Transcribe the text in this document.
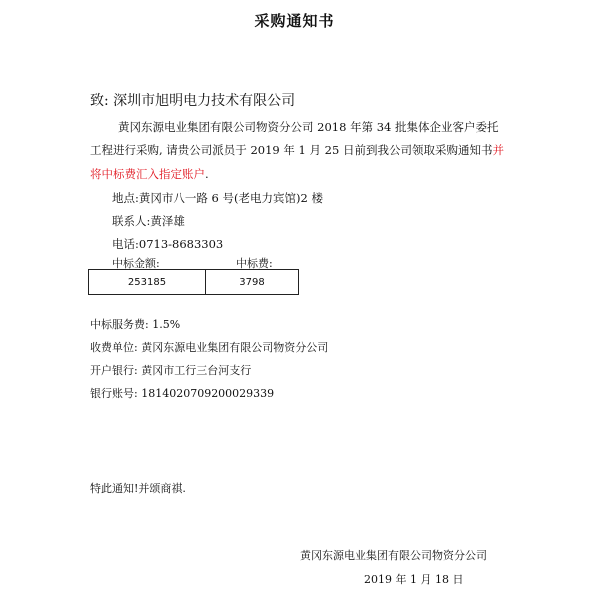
采购通知书
致: 深圳市旭明电力技术有限公司
黄冈东源电业集团有限公司物资分公司 2018 年第 34 批集体企业客户委托
工程进行采购, 请贵公司派员于 2019 年 1 月 25 日前到我公司领取采购通知书并
将中标费汇入指定账户.
地点:黄冈市八一路 6 号(老电力宾馆)2 楼
联系人:黄泽雄
电话:0713-8683303
中标金额:	中标费:
253185	3798
中标服务费: 1.5%
收费单位: 黄冈东源电业集团有限公司物资分公司
开户银行: 黄冈市工行三台河支行
银行账号: 1814020709200029339
特此通知!并颂商祺.
黄冈东源电业集团有限公司物资分公司
2019 年 1 月 18 日
